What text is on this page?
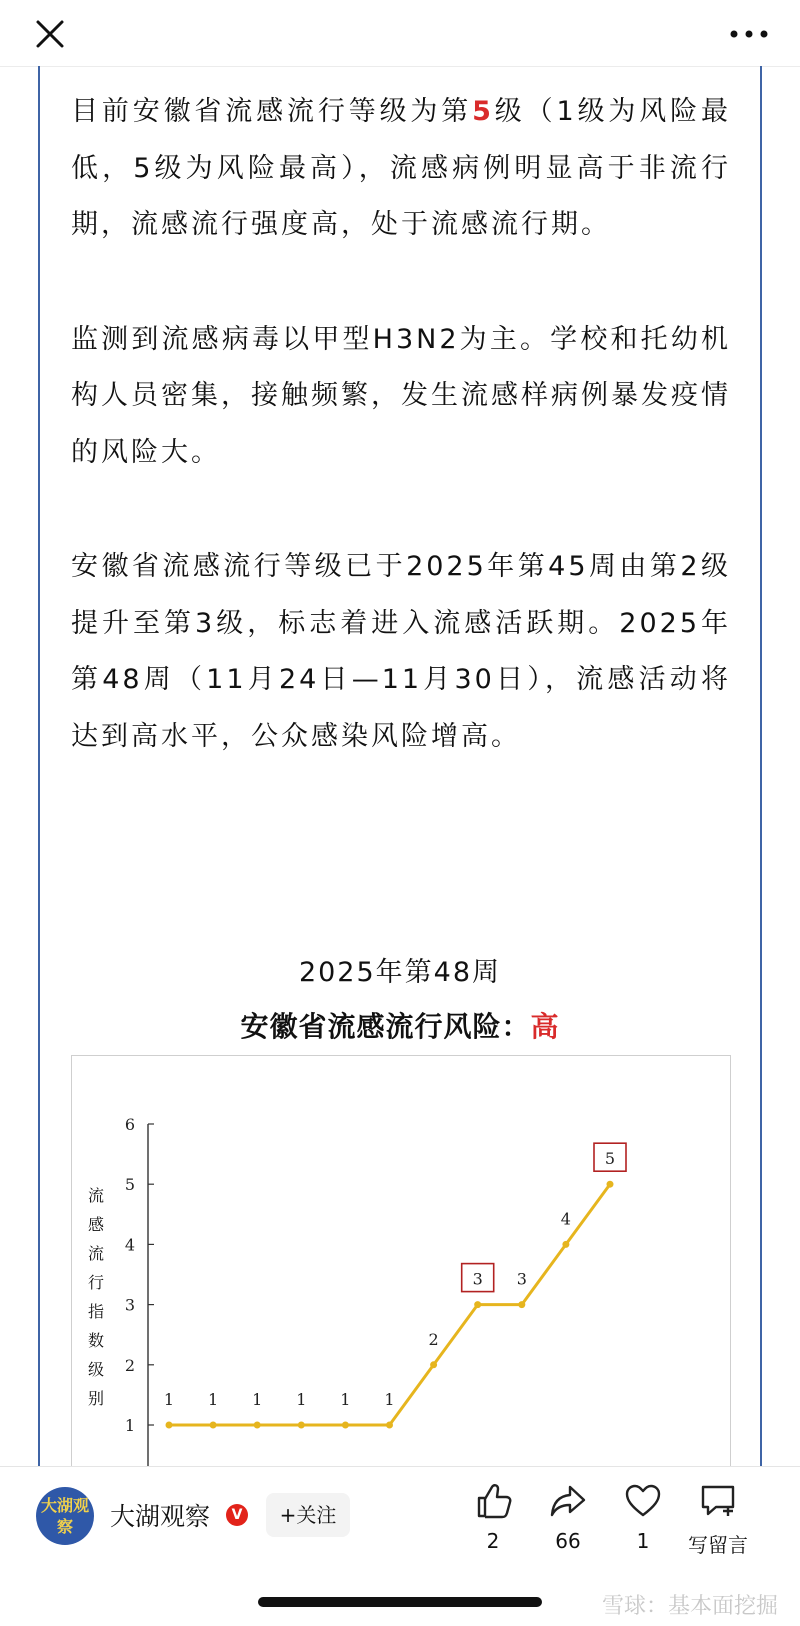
目前安徽省流感流行等级为第5级（1级为风险最低，5级为风险最高），流感病例明显高于非流行期，流感流行强度高，处于流感流行期。

监测到流感病毒以甲型H3N2为主。学校和托幼机构人员密集，接触频繁，发生流感样病例暴发疫情的风险大。

安徽省流感流行等级已于2025年第45周由第2级提升至第3级，标志着进入流感活跃期。2025年第48周（11月24日—11月30日），流感活动将达到高水平，公众感染风险增高。

2025年第48周
安徽省流感流行风险：高
流感流行指数级别
1
2
3
4
5
6
1 1 1 1 1 1
2
3 3
4
5
大湖观察	大湖观察	V	+关注
2	66	1	写留言
雪球：基本面挖掘
